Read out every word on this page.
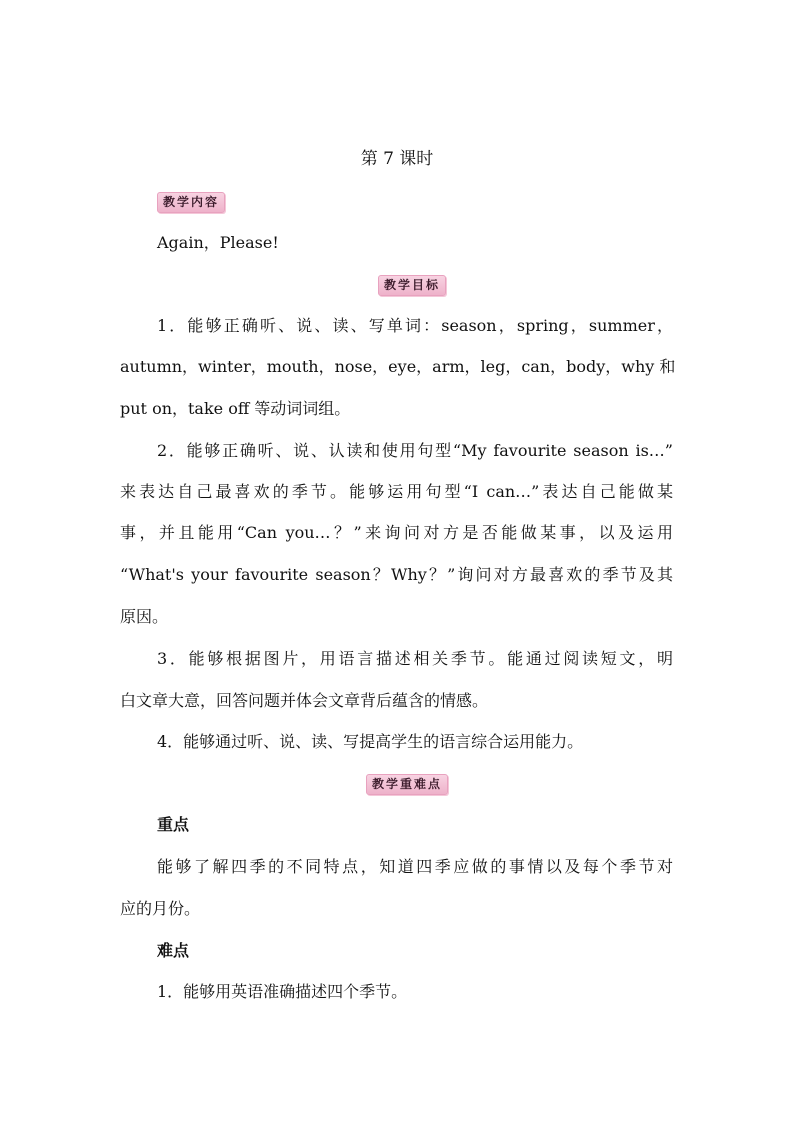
第 7 课时
教学内容
Again，Please!
教学目标
1．能够正确听、说、读、写单词：season，spring，summer，
autumn，winter，mouth，nose，eye，arm，leg，can，body，why 和
put on，take off 等动词词组。
2．能够正确听、说、认读和使用句型“My favourite season is…”
来表达自己最喜欢的季节。能够运用句型“I can…”表达自己能做某
事，并且能用“Can you…？”来询问对方是否能做某事，以及运用
“What's your favourite season？Why？”询问对方最喜欢的季节及其
原因。
3．能够根据图片，用语言描述相关季节。能通过阅读短文，明
白文章大意，回答问题并体会文章背后蕴含的情感。
4．能够通过听、说、读、写提高学生的语言综合运用能力。
教学重难点
重点
能够了解四季的不同特点，知道四季应做的事情以及每个季节对
应的月份。
难点
1．能够用英语准确描述四个季节。
